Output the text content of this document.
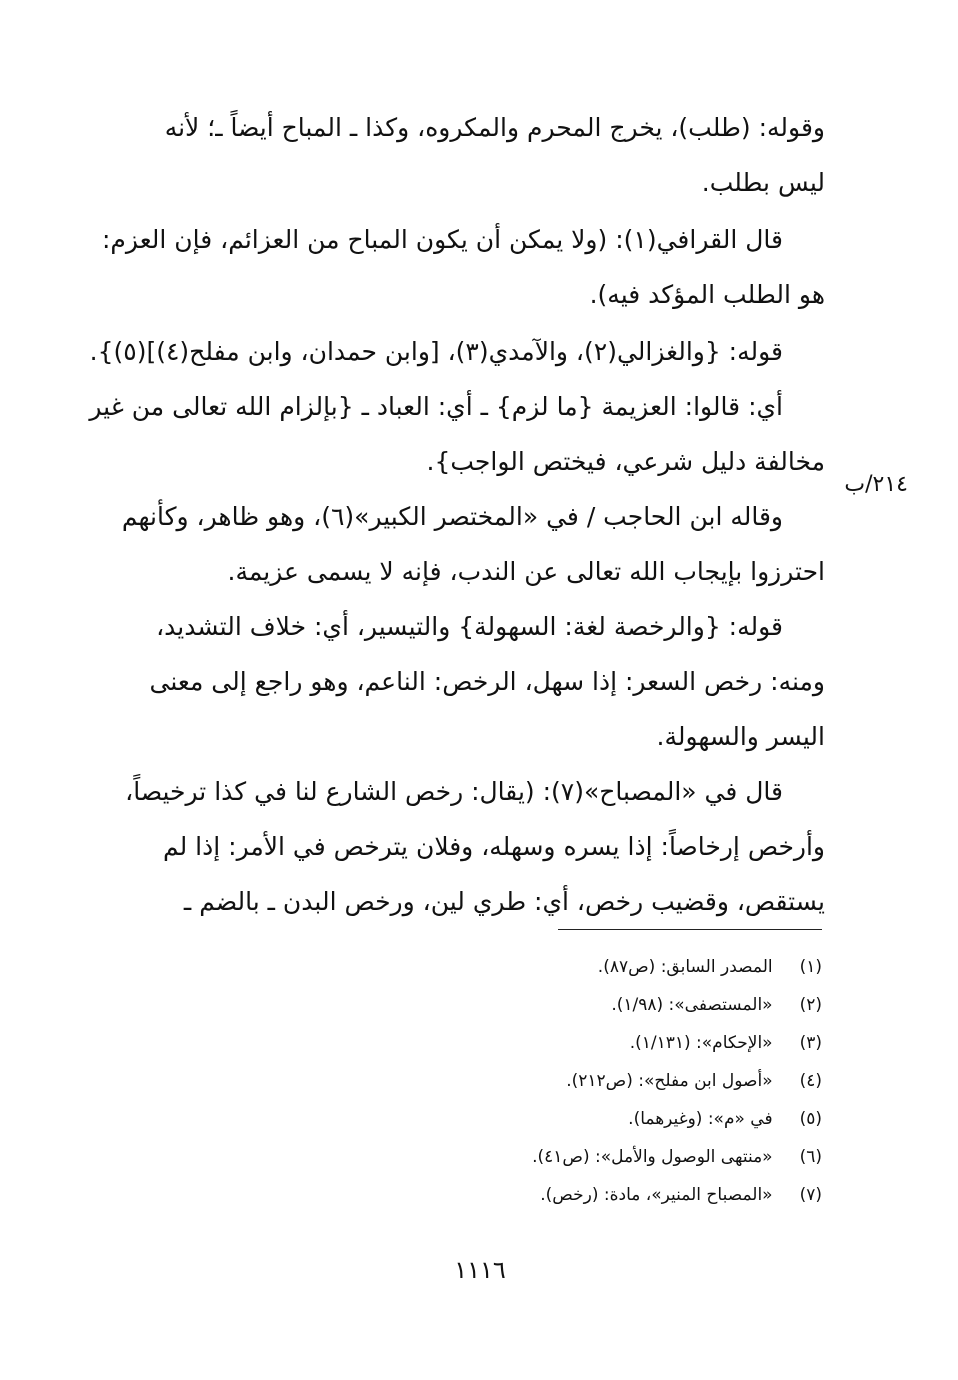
وقوله: (طلب)، يخرج المحرم والمكروه، وكذا ـ المباح أيضاً ـ؛ لأنه
ليس بطلب.
قال القرافي(١): (ولا يمكن أن يكون المباح من العزائم، فإن العزم:
هو الطلب المؤكد فيه).
قوله: {والغزالي(٢)، والآمدي(٣)، [وابن حمدان، وابن مفلح(٤)](٥)}.
أي: قالوا: العزيمة {ما لزم} ـ أي: العباد ـ {بإلزام الله تعالى من غير
مخالفة دليل شرعي، فيختص الواجب}.
وقاله ابن الحاجب / في «المختصر الكبير»(٦)، وهو ظاهر، وكأنهم
احترزوا بإيجاب الله تعالى عن الندب، فإنه لا يسمى عزيمة.
قوله: {والرخصة لغة: السهولة} والتيسير، أي: خلاف التشديد،
ومنه: رخص السعر: إذا سهل، الرخص: الناعم، وهو راجع إلى معنى
اليسر والسهولة.
قال في «المصباح»(٧): (يقال: رخص الشارع لنا في كذا ترخيصاً،
وأرخص إرخاصاً: إذا يسره وسهله، وفلان يترخص في الأمر: إذا لم
يستقص، وقضيب رخص، أي: طري لين، ورخص البدن ـ بالضم ـ
٢١٤/ب
(١) المصدر السابق: (ص٨٧).
(٢) «المستصفى»: (١/٩٨).
(٣) «الإحكام»: (١/١٣١).
(٤) «أصول ابن مفلح»: (ص٢١٢).
(٥) في «م»: (وغيرهما).
(٦) «منتهى الوصول والأمل»: (ص٤١).
(٧) «المصباح المنير»، مادة: (رخص).
١١١٦
